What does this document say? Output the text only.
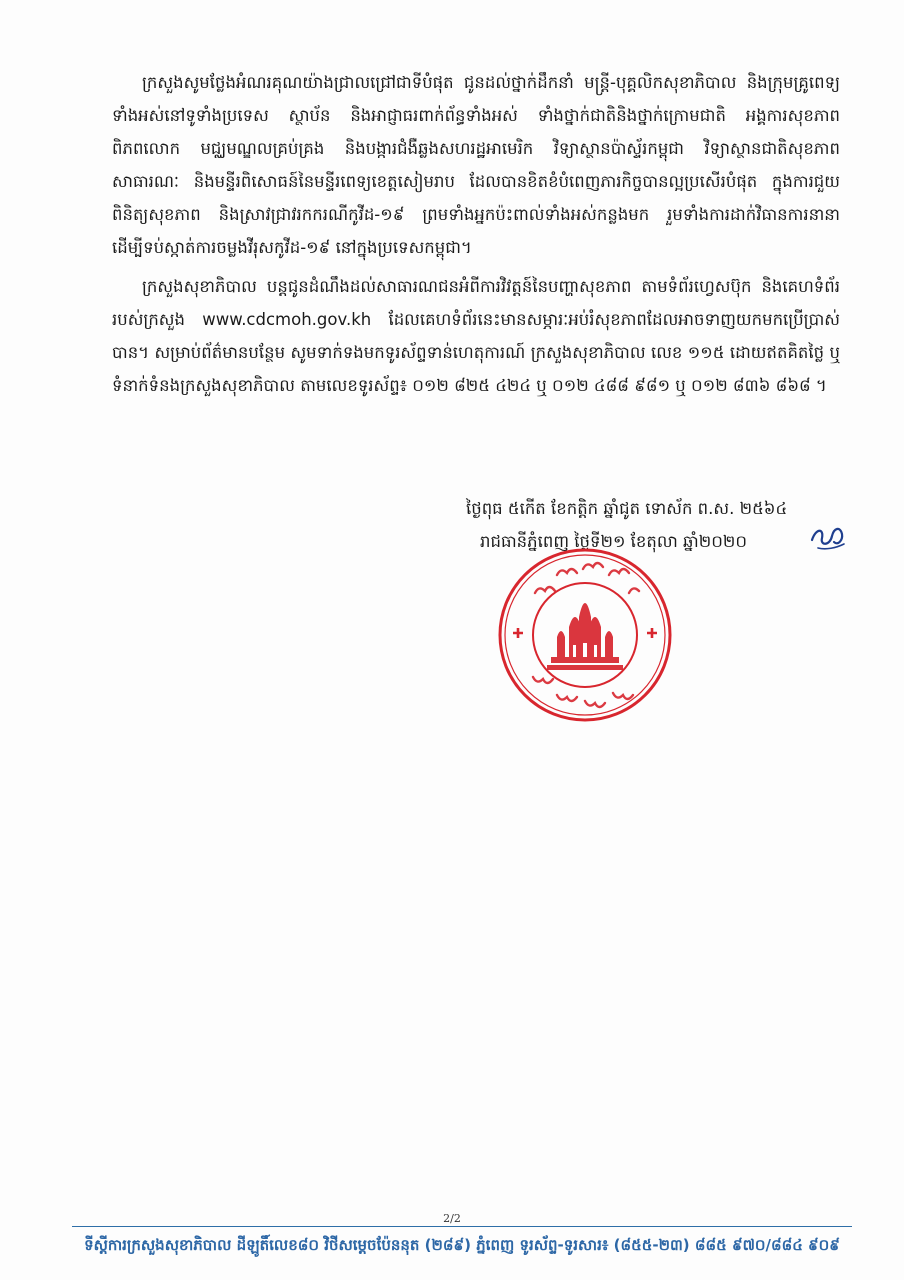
ក្រសួងសូមថ្លែងអំណរគុណយ៉ាងជ្រាលជ្រៅជាទីបំផុត ជូនដល់ថ្នាក់ដឹកនាំ មន្ត្រី-បុគ្គលិកសុខាភិបាល និងក្រុមគ្រូពេទ្យទាំងអស់នៅទូទាំងប្រទេស ស្ថាប័ន និងអាជ្ញាធរពាក់ព័ន្ធទាំងអស់ ទាំងថ្នាក់ជាតិនិងថ្នាក់ក្រោមជាតិ អង្គការសុខភាពពិភពលោក មជ្ឈមណ្ឌលគ្រប់គ្រង និងបង្ការជំងឺឆ្លងសហរដ្ឋអាមេរិក វិទ្យាស្ថានប៉ាស្ទ័រកម្ពុជា វិទ្យាស្ថានជាតិសុខភាពសាធារណៈ និងមន្ទីរពិសោធន៍នៃមន្ទីរពេទ្យខេត្តសៀមរាប ដែលបានខិតខំបំពេញភារកិច្ចបានល្អប្រសើរបំផុត ក្នុងការជួយពិនិត្យសុខភាព និងស្រាវជ្រាវរកករណីកូវីដ-១៩ ព្រមទាំងអ្នកប៉ះពាល់ទាំងអស់កន្លងមក រួមទាំងការដាក់វិធានការនានា ដើម្បីទប់ស្កាត់ការចម្លងវីរុសកូវីដ-១៩ នៅក្នុងប្រទេសកម្ពុជា។

ក្រសួងសុខាភិបាល បន្តជូនដំណឹងដល់សាធារណជនអំពីការវិវត្តន៍នៃបញ្ហាសុខភាព តាមទំព័រហ្វេសប៊ុក និងគេហទំព័ររបស់ក្រសួង www.cdcmoh.gov.kh ដែលគេហទំព័រនេះមានសម្ភារៈអប់រំសុខភាពដែលអាចទាញយកមកប្រើប្រាស់បាន។ សម្រាប់ព័ត៌មានបន្ថែម សូមទាក់ទងមកទូរស័ព្ទទាន់ហេតុការណ៍ ក្រសួងសុខាភិបាល លេខ ១១៥ ដោយឥតគិតថ្លៃ ឬទំនាក់ទំនងក្រសួងសុខាភិបាល តាមលេខទូរស័ព្ទ៖ ០១២ ៨២៥ ៤២៤ ឬ ០១២ ៤៨៨ ៩៨១ ឬ ០១២ ៨៣៦ ៨៦៨ ។

ថ្ងៃពុធ ៥កើត ខែកត្តិក ឆ្នាំជូត ទោស័ក ព.ស. ២៥៦៤
រាជធានីភ្នំពេញ ថ្ងៃទី២១ ខែតុលា ឆ្នាំ២០២០
2/2
ទីស្តីការក្រសួងសុខាភិបាល ដីឡូតិ៍លេខ៨០ វិថីសម្តេចប៉ែននុត (២៨៩) ភ្នំពេញ ទូរស័ព្ទ-ទូរសារ៖ (៨៥៥-២៣) ៨៨៥ ៩៧០/៨៨៤ ៩០៩
